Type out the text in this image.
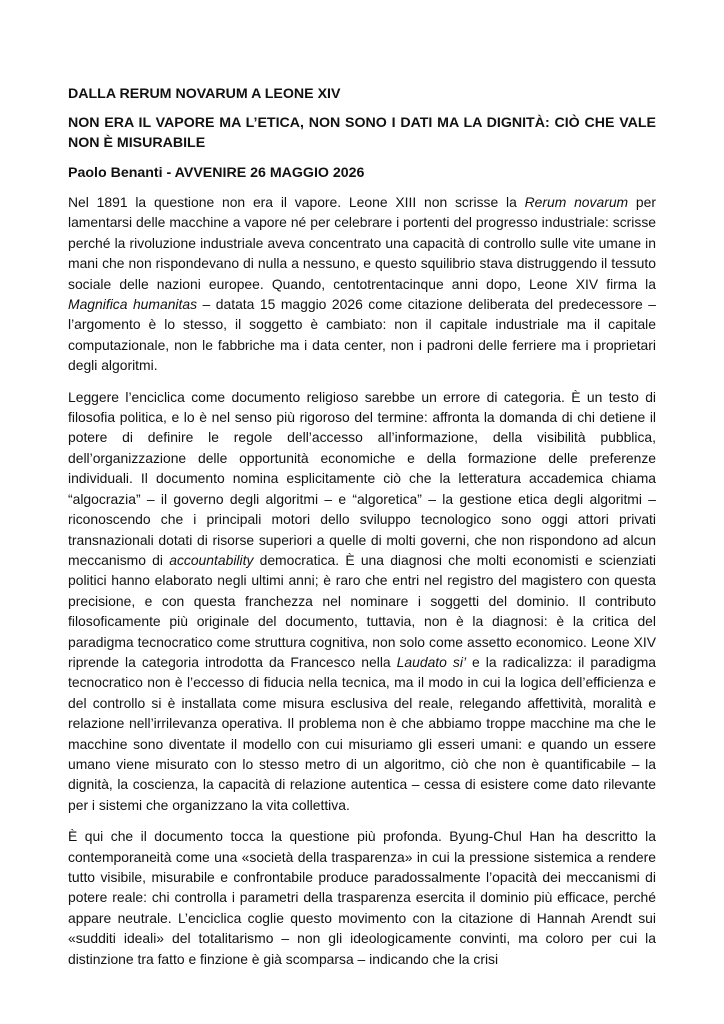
DALLA RERUM NOVARUM A LEONE XIV
NON ERA IL VAPORE MA L’ETICA, NON SONO I DATI MA LA DIGNITÀ: CIÒ CHE VALE NON È MISURABILE
Paolo Benanti - AVVENIRE 26 MAGGIO 2026

Nel 1891 la questione non era il vapore. Leone XIII non scrisse la Rerum novarum per lamentarsi delle macchine a vapore né per celebrare i portenti del progresso industriale: scrisse perché la rivoluzione industriale aveva concentrato una capacità di controllo sulle vite umane in mani che non rispondevano di nulla a nessuno, e questo squilibrio stava distruggendo il tessuto sociale delle nazioni europee. Quando, centotrentacinque anni dopo, Leone XIV firma la Magnifica humanitas – datata 15 maggio 2026 come citazione deliberata del predecessore – l’argomento è lo stesso, il soggetto è cambiato: non il capitale industriale ma il capitale computazionale, non le fabbriche ma i data center, non i padroni delle ferriere ma i proprietari degli algoritmi.

Leggere l’enciclica come documento religioso sarebbe un errore di categoria. È un testo di filosofia politica, e lo è nel senso più rigoroso del termine: affronta la domanda di chi detiene il potere di definire le regole dell’accesso all’informazione, della visibilità pubblica, dell’organizzazione delle opportunità economiche e della formazione delle preferenze individuali. Il documento nomina esplicitamente ciò che la letteratura accademica chiama “algocrazia” – il governo degli algoritmi – e “algoretica” – la gestione etica degli algoritmi – riconoscendo che i principali motori dello sviluppo tecnologico sono oggi attori privati transnazionali dotati di risorse superiori a quelle di molti governi, che non rispondono ad alcun meccanismo di accountability democratica. È una diagnosi che molti economisti e scienziati politici hanno elaborato negli ultimi anni; è raro che entri nel registro del magistero con questa precisione, e con questa franchezza nel nominare i soggetti del dominio. Il contributo filosoficamente più originale del documento, tuttavia, non è la diagnosi: è la critica del paradigma tecnocratico come struttura cognitiva, non solo come assetto economico. Leone XIV riprende la categoria introdotta da Francesco nella Laudato si’ e la radicalizza: il paradigma tecnocratico non è l’eccesso di fiducia nella tecnica, ma il modo in cui la logica dell’efficienza e del controllo si è installata come misura esclusiva del reale, relegando affettività, moralità e relazione nell’irrilevanza operativa. Il problema non è che abbiamo troppe macchine ma che le macchine sono diventate il modello con cui misuriamo gli esseri umani: e quando un essere umano viene misurato con lo stesso metro di un algoritmo, ciò che non è quantificabile – la dignità, la coscienza, la capacità di relazione autentica – cessa di esistere come dato rilevante per i sistemi che organizzano la vita collettiva.

È qui che il documento tocca la questione più profonda. Byung-Chul Han ha descritto la contemporaneità come una «società della trasparenza» in cui la pressione sistemica a rendere tutto visibile, misurabile e confrontabile produce paradossalmente l’opacità dei meccanismi di potere reale: chi controlla i parametri della trasparenza esercita il dominio più efficace, perché appare neutrale. L’enciclica coglie questo movimento con la citazione di Hannah Arendt sui «sudditi ideali» del totalitarismo – non gli ideologicamente convinti, ma coloro per cui la distinzione tra fatto e finzione è già scomparsa – indicando che la crisi
